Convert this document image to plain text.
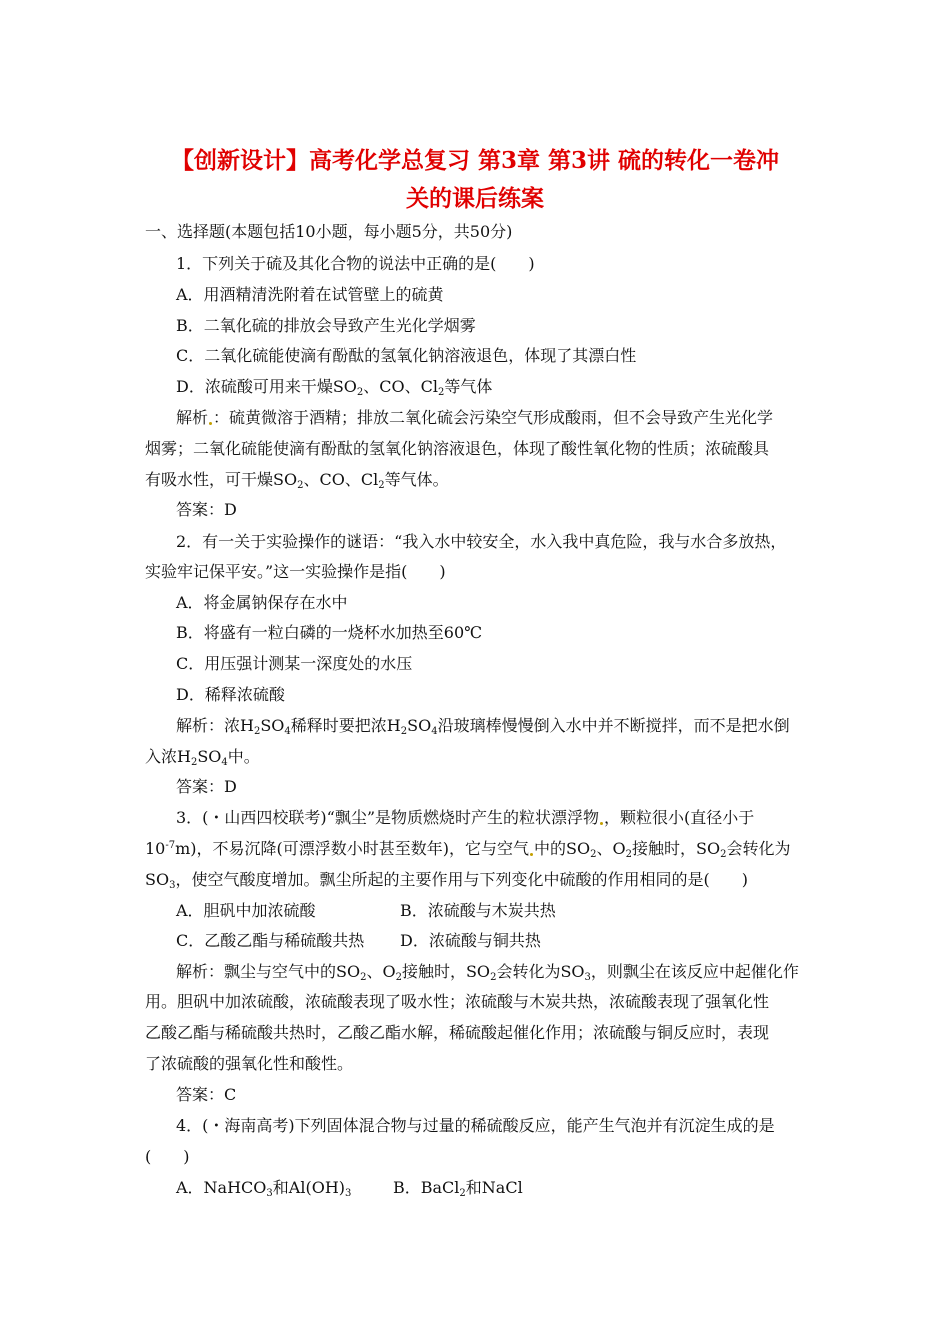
【创新设计】高考化学总复习 第3章 第3讲 硫的转化一卷冲
关的课后练案
一、选择题(本题包括10小题，每小题5分，共50分)
1．下列关于硫及其化合物的说法中正确的是(　　)
A．用酒精清洗附着在试管壁上的硫黄
B．二氧化硫的排放会导致产生光化学烟雾
C．二氧化硫能使滴有酚酞的氢氧化钠溶液退色，体现了其漂白性
D．浓硫酸可用来干燥$SO_2$、CO、$Cl_2$等气体
解析 ：硫黄微溶于酒精；排放二氧化硫会污染空气形成酸雨，但不会导致产生光化学
烟雾；二氧化硫能使滴有酚酞的氢氧化钠溶液退色，体现了酸性氧化物的性质；浓硫酸具
有吸水性，可干燥$SO_2$、CO、$Cl_2$等气体。
答案：D
2．有一关于实验操作的谜语：“我入水中较安全，水入我中真危险，我与水合多放热，
实验牢记保平安。”这一实验操作是指(　　)
A．将金属钠保存在水中
B．将盛有一粒白磷的一烧杯水加热至60℃
C．用压强计测某一深度处的水压
D．稀释浓硫酸
解析：浓$H_2SO_4$稀释时要把浓$H_2SO_4$沿玻璃棒慢慢倒入水中并不断搅拌，而不是把水倒
入浓$H_2SO_4$中。
答案：D
3．(・山西四校联考)“飘尘”是物质燃烧时产生的粒状漂浮物 ，颗粒很小(直径小于
$10^{-7}m$)，不易沉降(可漂浮数小时甚至数年)，它与空气 中的$SO_2$、$O_2$接触时，$SO_2$会转化为
$SO_3$，使空气酸度增加。飘尘所起的主要作用与下列变化中硫酸的作用相同的是(　　)
A．胆矾中加浓硫酸	B．浓硫酸与木炭共热
C．乙酸乙酯与稀硫酸共热 D．浓硫酸与铜共热
解析：飘尘与空气中的$SO_2$、$O_2$接触时，$SO_2$会转化为$SO_3$，则飘尘在该反应中起催化作
用。胆矾中加浓硫酸，浓硫酸表现了吸水性；浓硫酸与木炭共热，浓硫酸表现了强氧化性
乙酸乙酯与稀硫酸共热时，乙酸乙酯水解，稀硫酸起催化作用；浓硫酸与铜反应时，表现
了浓硫酸的强氧化性和酸性。
答案：C
4．(・海南高考)下列固体混合物与过量的稀硫酸反应，能产生气泡并有沉淀生成的是
(　　)
A．NaHCO$_3$和$Al(OH)_3$	B．BaCl$_2$和NaCl
